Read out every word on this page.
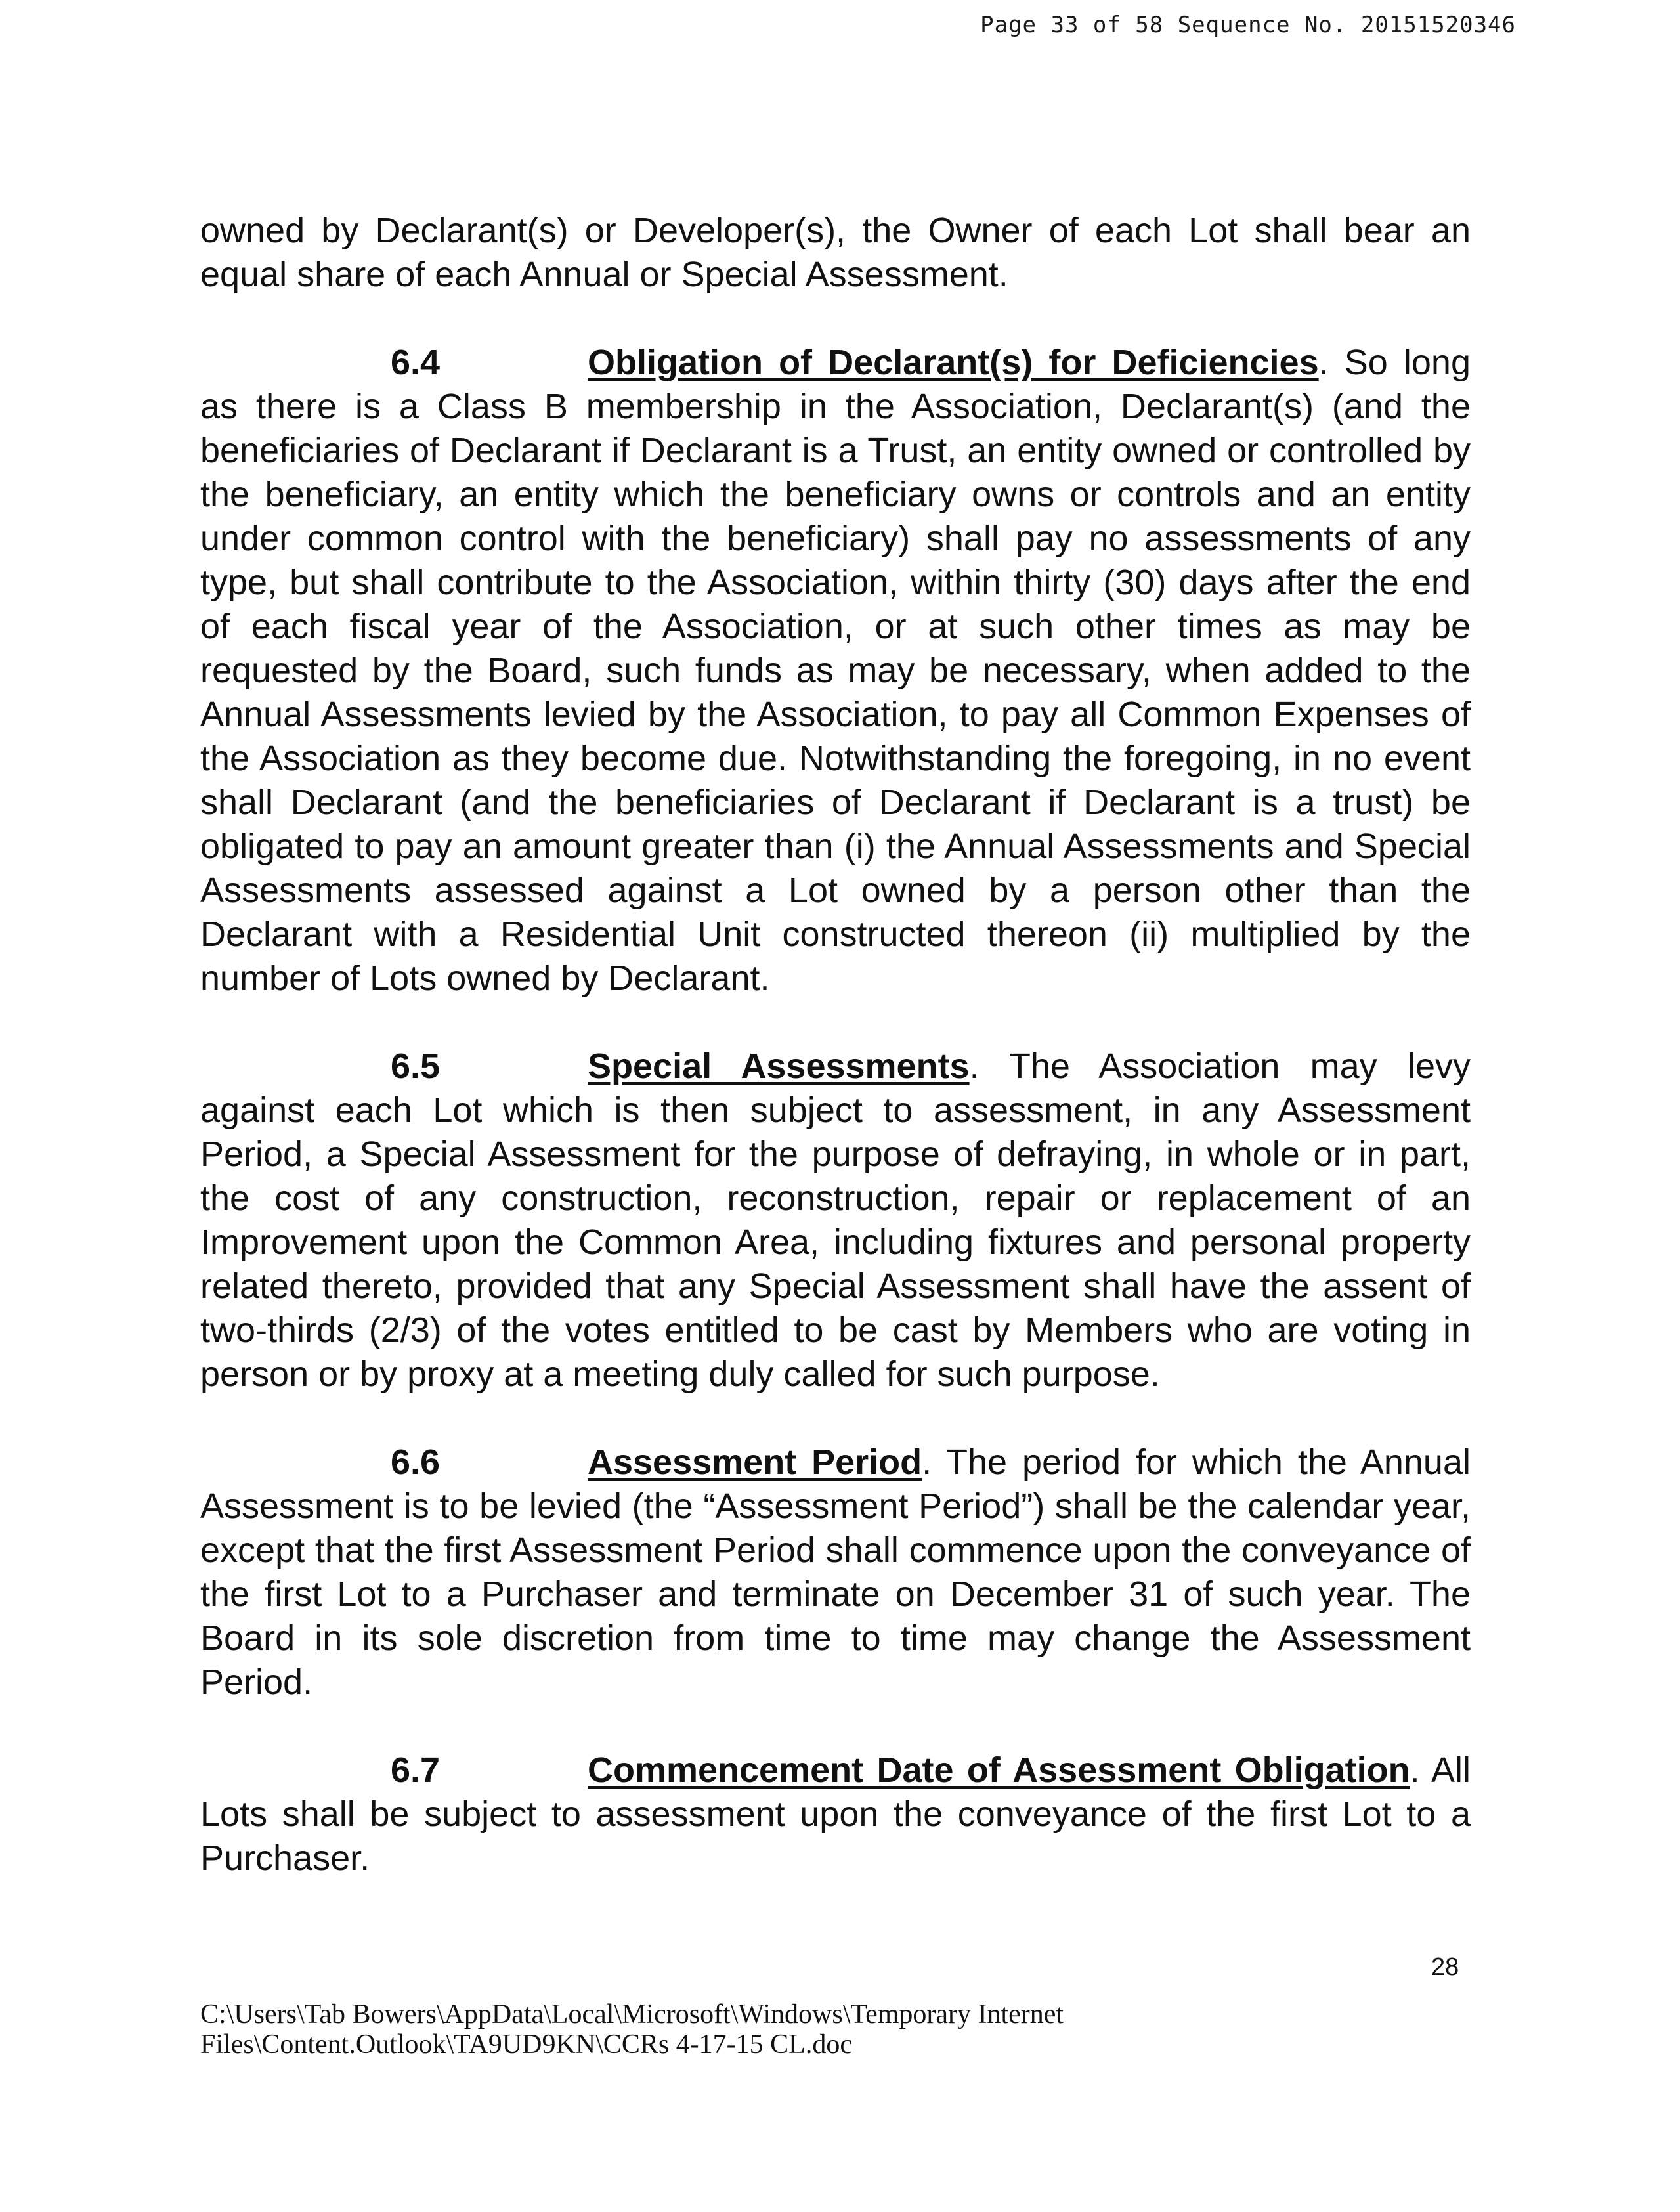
Page 33 of 58 Sequence No. 20151520346

owned by Declarant(s) or Developer(s), the Owner of each Lot shall bear an equal share of each Annual or Special Assessment.

6.4	Obligation of Declarant(s) for Deficiencies. So long as there is a Class B membership in the Association, Declarant(s) (and the beneficiaries of Declarant if Declarant is a Trust, an entity owned or controlled by the beneficiary, an entity which the beneficiary owns or controls and an entity under common control with the beneficiary) shall pay no assessments of any type, but shall contribute to the Association, within thirty (30) days after the end of each fiscal year of the Association, or at such other times as may be requested by the Board, such funds as may be necessary, when added to the Annual Assessments levied by the Association, to pay all Common Expenses of the Association as they become due. Notwithstanding the foregoing, in no event shall Declarant (and the beneficiaries of Declarant if Declarant is a trust) be obligated to pay an amount greater than (i) the Annual Assessments and Special Assessments assessed against a Lot owned by a person other than the Declarant with a Residential Unit constructed thereon (ii) multiplied by the number of Lots owned by Declarant.

6.5	Special Assessments. The Association may levy against each Lot which is then subject to assessment, in any Assessment Period, a Special Assessment for the purpose of defraying, in whole or in part, the cost of any construction, reconstruction, repair or replacement of an Improvement upon the Common Area, including fixtures and personal property related thereto, provided that any Special Assessment shall have the assent of two-thirds (2/3) of the votes entitled to be cast by Members who are voting in person or by proxy at a meeting duly called for such purpose.

6.6	Assessment Period. The period for which the Annual Assessment is to be levied (the “Assessment Period”) shall be the calendar year, except that the first Assessment Period shall commence upon the conveyance of the first Lot to a Purchaser and terminate on December 31 of such year. The Board in its sole discretion from time to time may change the Assessment Period.

6.7	Commencement Date of Assessment Obligation. All Lots shall be subject to assessment upon the conveyance of the first Lot to a Purchaser.

28
C:\Users\Tab Bowers\AppData\Local\Microsoft\Windows\Temporary Internet
Files\Content.Outlook\TA9UD9KN\CCRs 4-17-15 CL.doc
